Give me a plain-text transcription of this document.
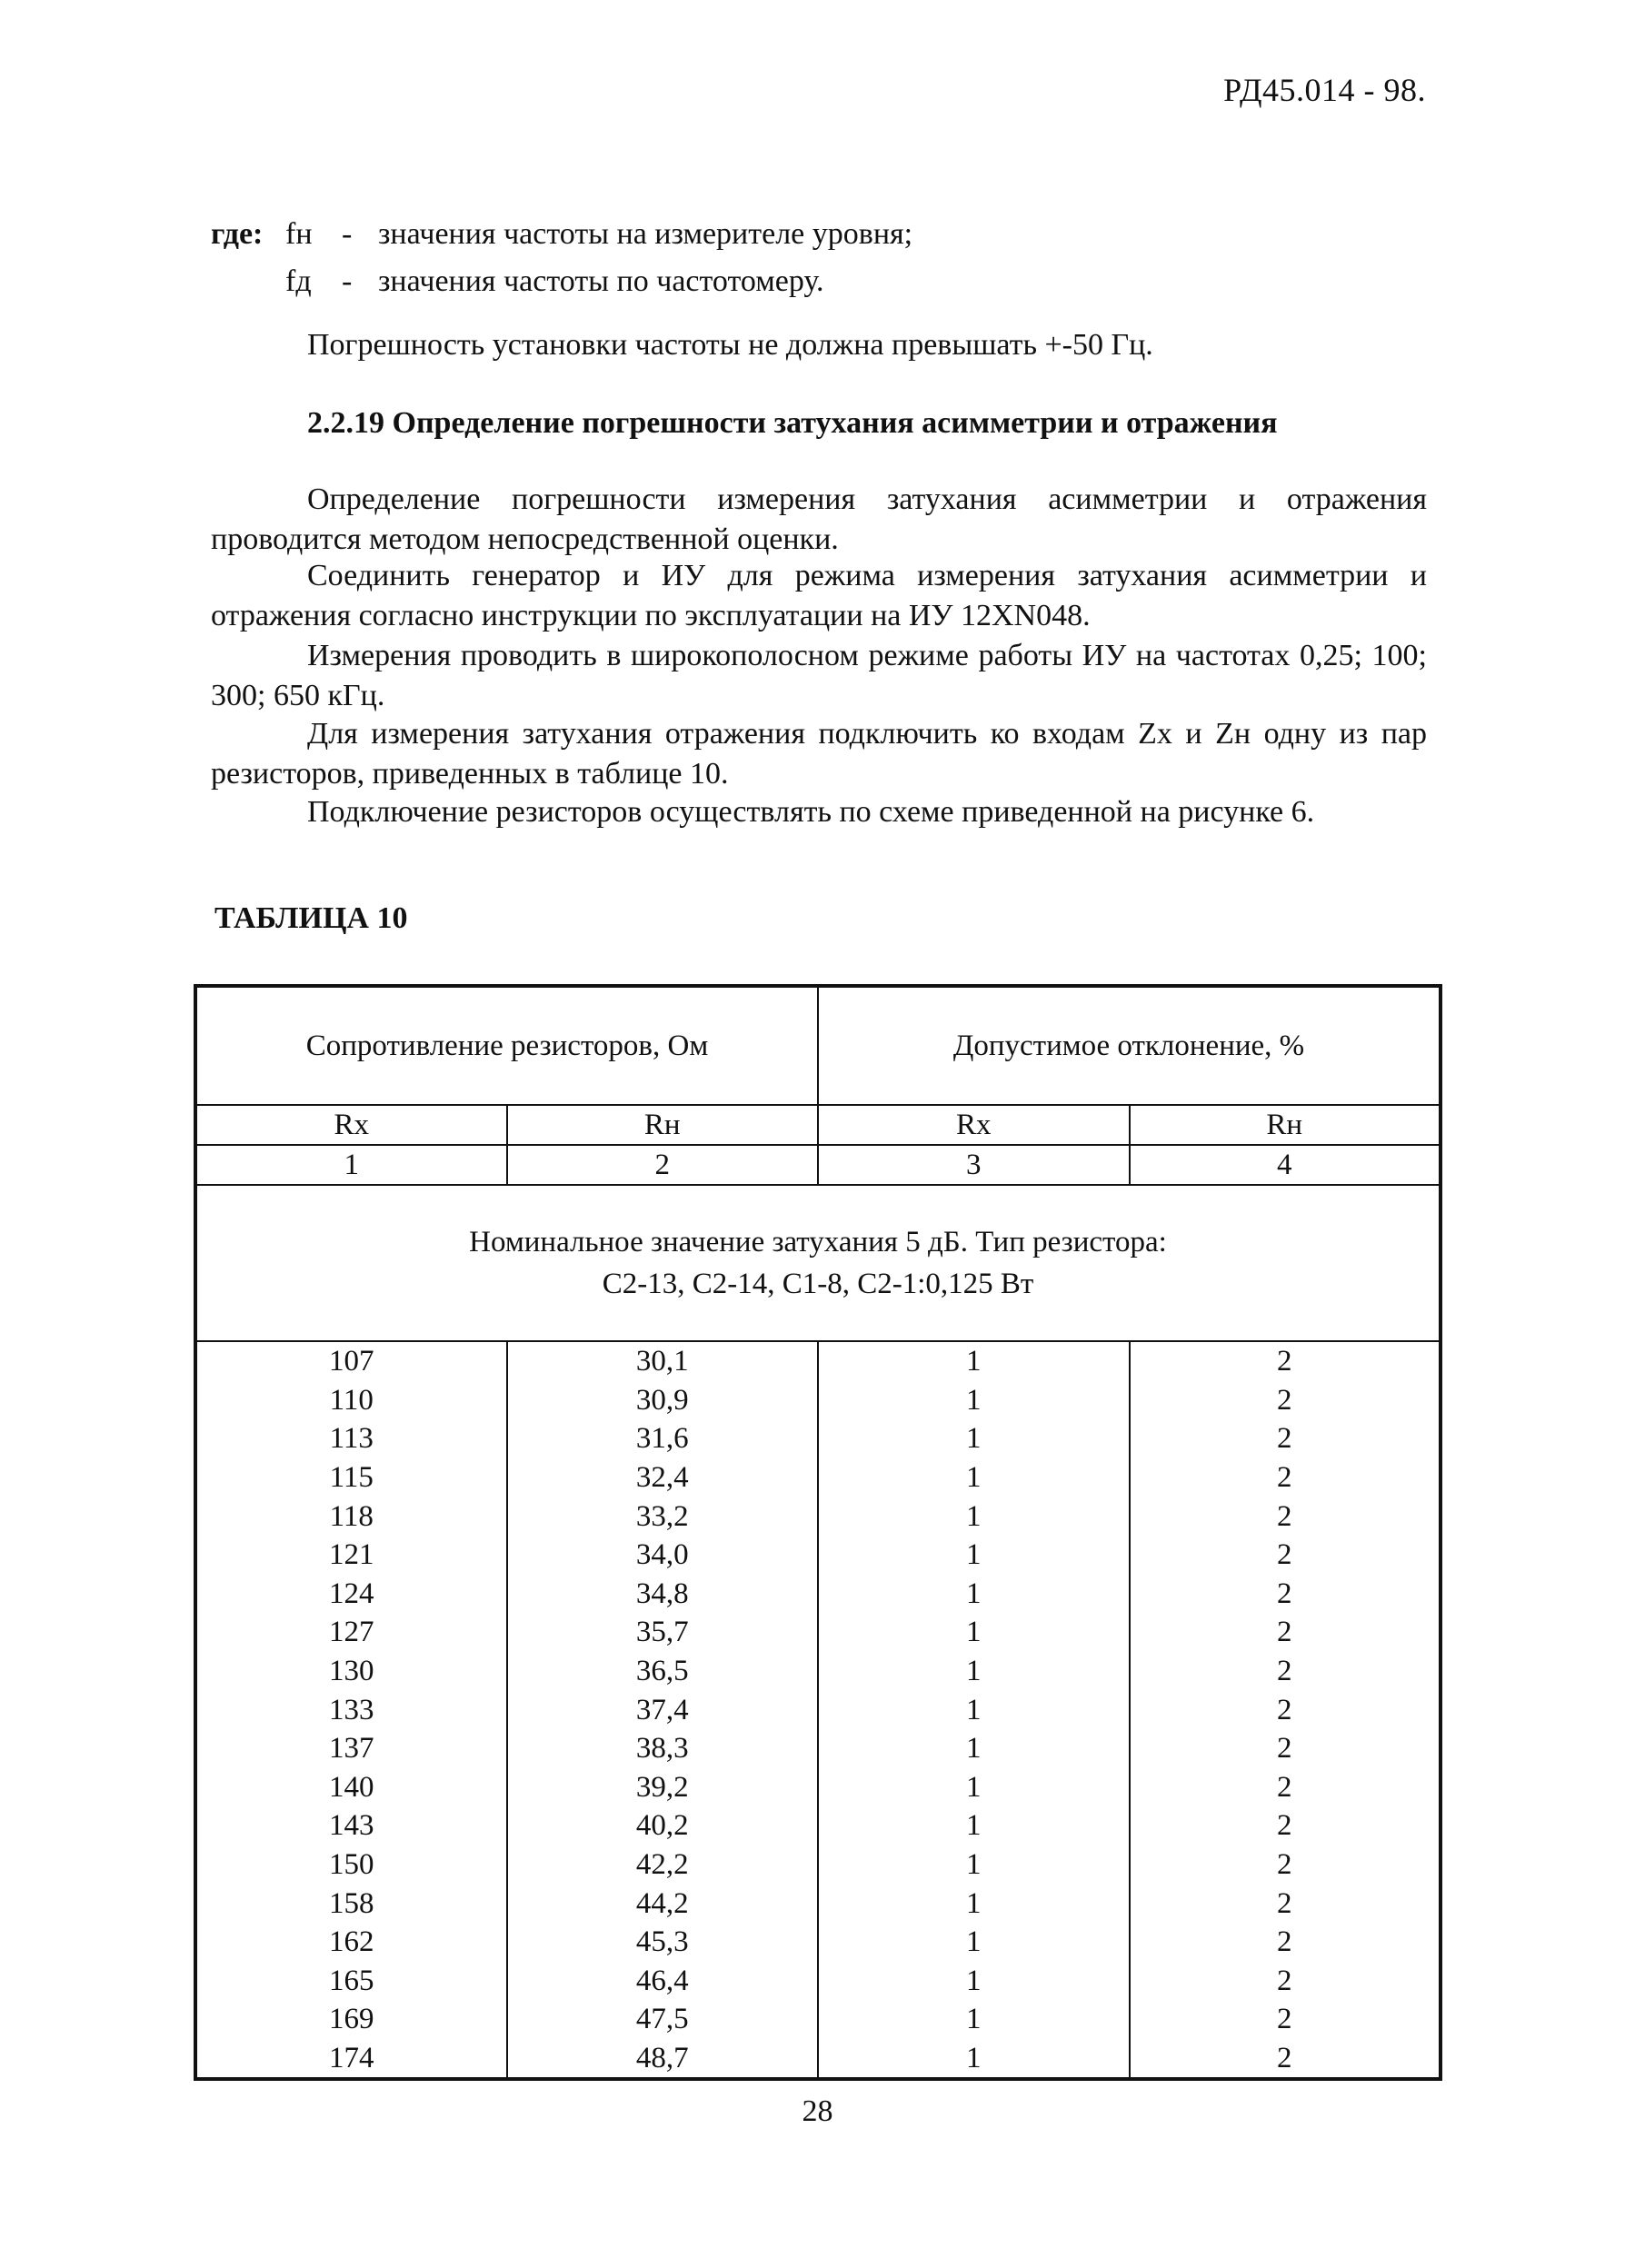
РД45.014 - 98.
где: fн - значения частоты на измерителе уровня;
fд - значения частоты по частотомеру.
Погрешность установки частоты не должна превышать +-50 Гц.
2.2.19 Определение погрешности затухания асимметрии и отражения
Определение погрешности измерения затухания асимметрии и отражения проводится методом непосредственной оценки.
Соединить генератор и ИУ для режима измерения затухания асимметрии и отражения согласно инструкции по эксплуатации на ИУ 12XN048.
Измерения проводить в широкополосном режиме работы ИУ на частотах 0,25; 100; 300; 650 кГц.
Для измерения затухания отражения подключить ко входам Zx и Zн одну из пар резисторов, приведенных в таблице 10.
Подключение резисторов осуществлять по схеме приведенной на рисунке 6.
ТАБЛИЦА 10
Сопротивление резисторов, Ом		Допустимое отклонение, %	
Rx	Rн	Rx	Rн
1	2	3	4

Номинальное значение затухания 5 дБ. Тип резистора:
С2-13, С2-14, С1-8, С2-1:0,125 Вт			

107	30,1	1	2
110	30,9	1	2
113	31,6	1	2
115	32,4	1	2
118	33,2	1	2
121	34,0	1	2
124	34,8	1	2
127	35,7	1	2
130	36,5	1	2
133	37,4	1	2
137	38,3	1	2
140	39,2	1	2
143	40,2	1	2
150	42,2	1	2
158	44,2	1	2
162	45,3	1	2
165	46,4	1	2
169	47,5	1	2
174	48,7	1	2
28
